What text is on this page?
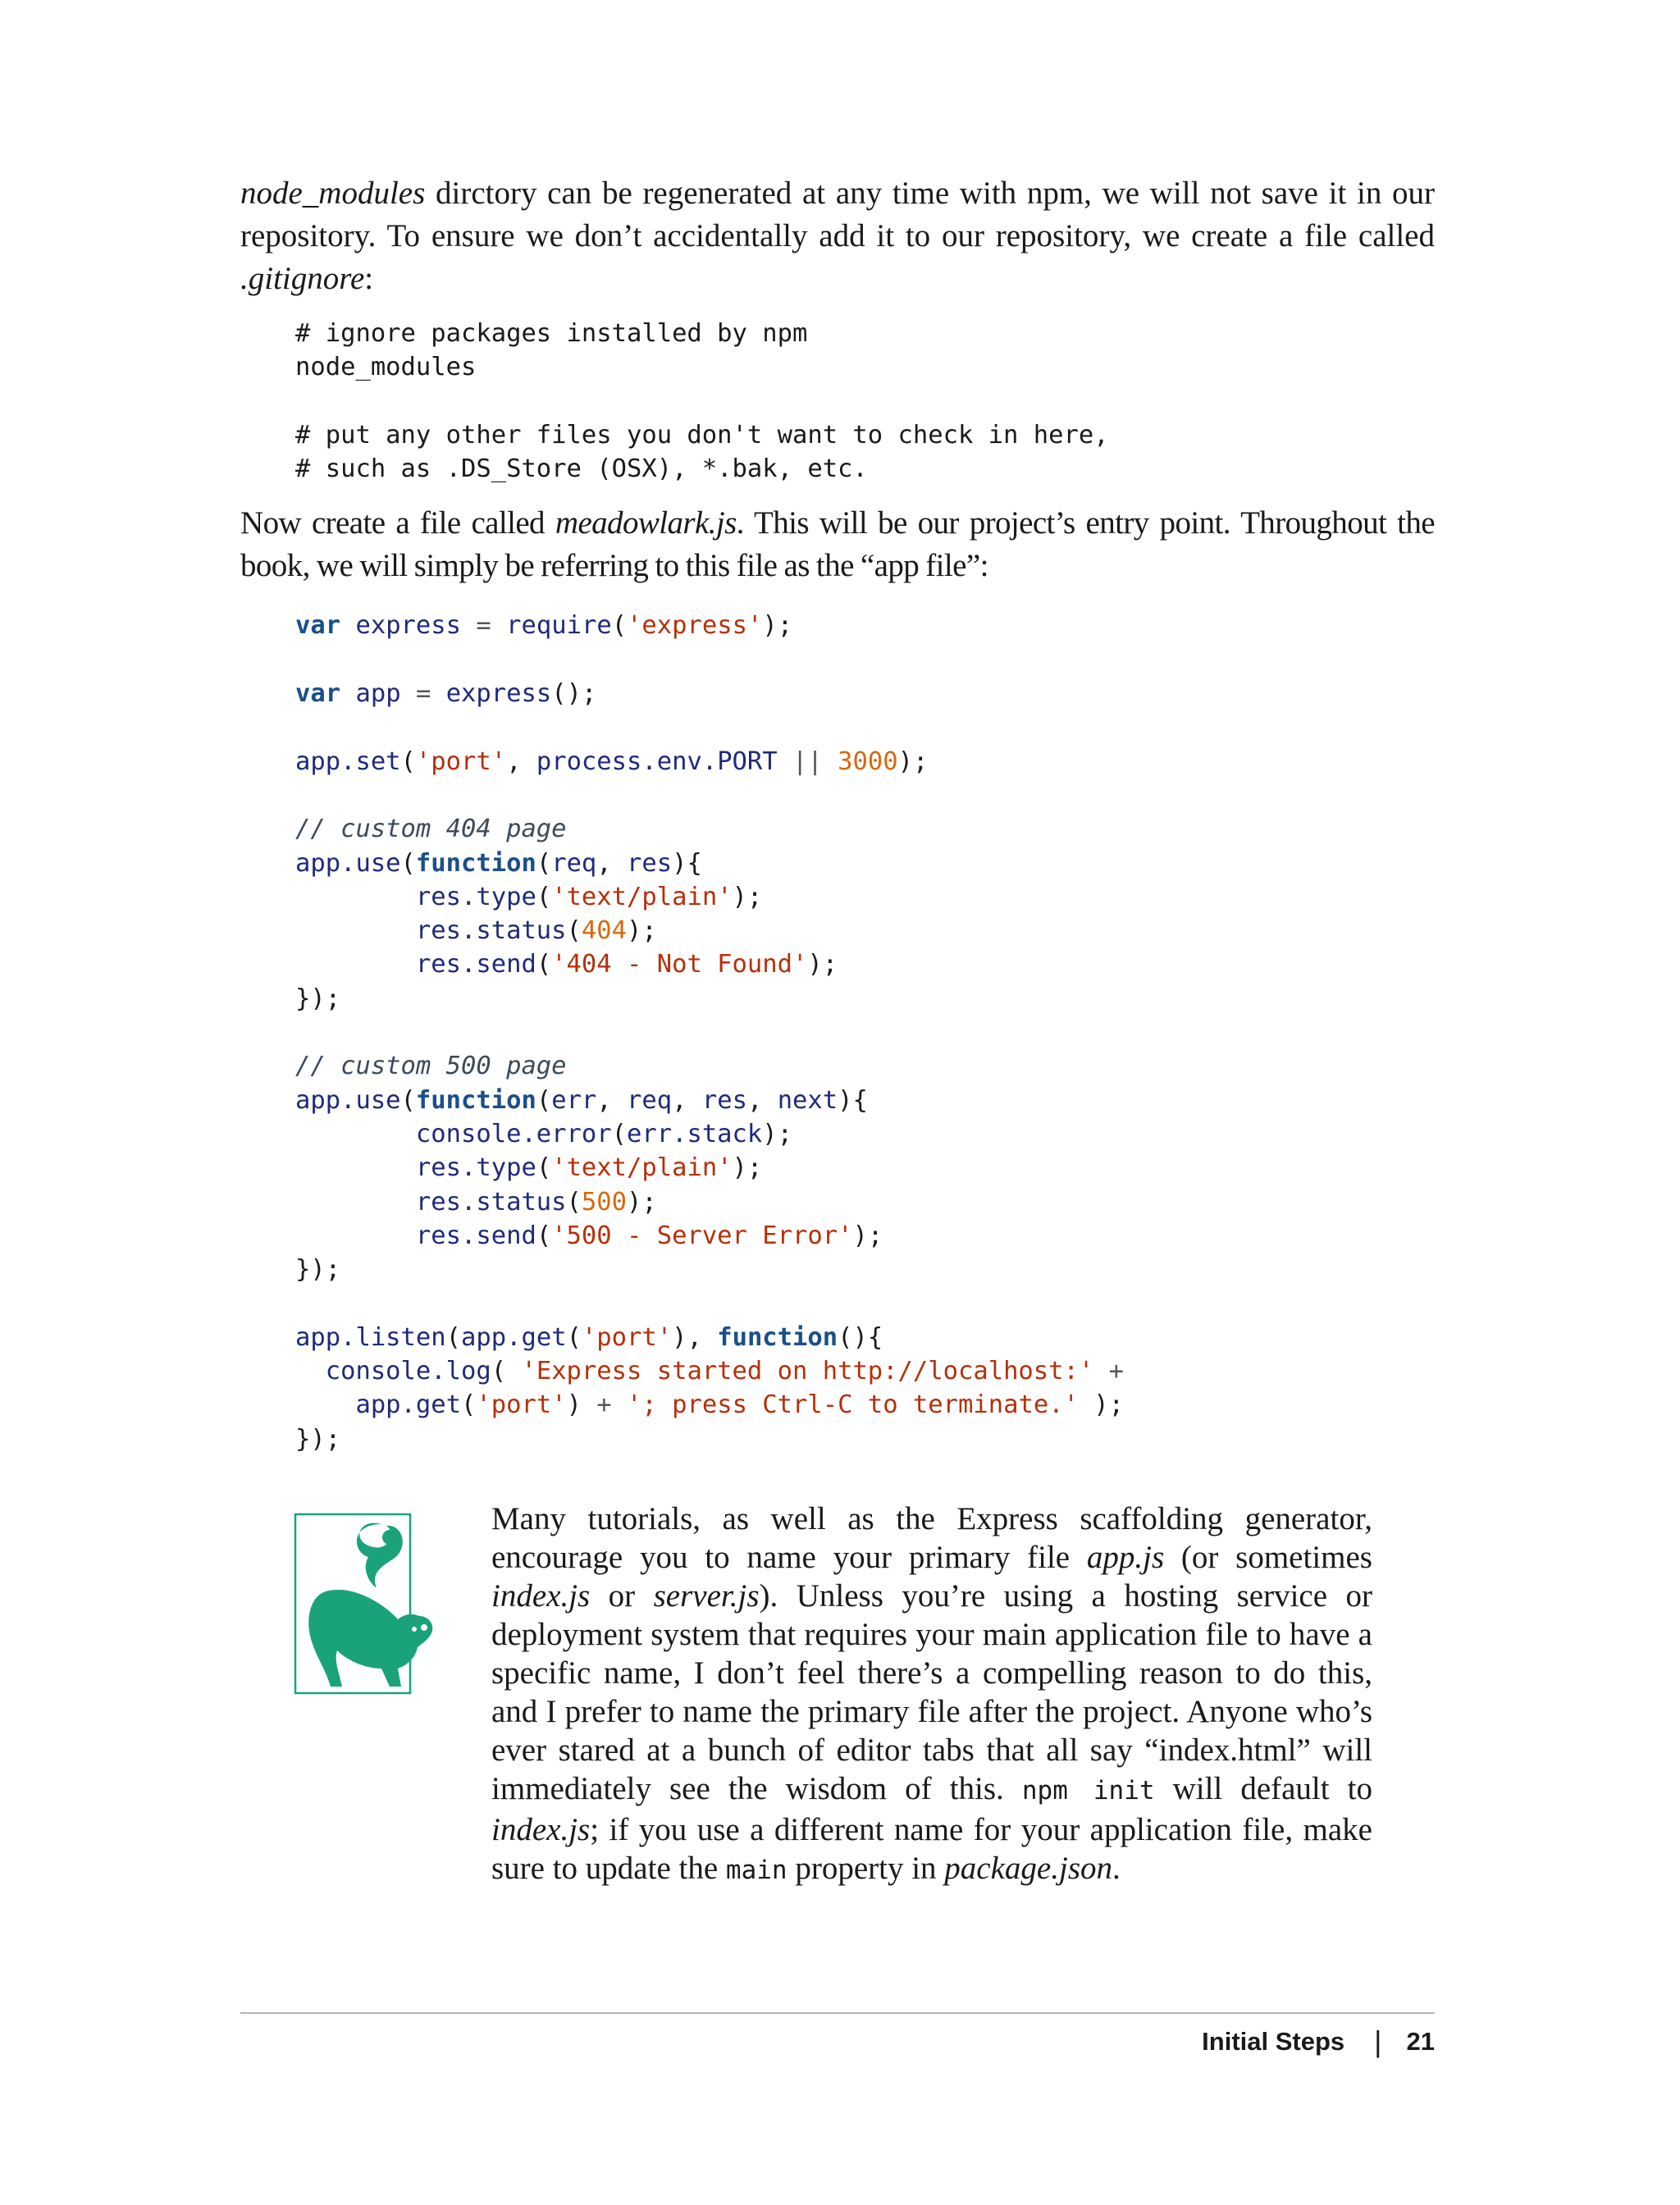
node_modules dirctory can be regenerated at any time with npm, we will not save it in our repository. To ensure we don’t accidentally add it to our repository, we create a file called .gitignore:

# ignore packages installed by npm
node_modules

# put any other files you don't want to check in here,
# such as .DS_Store (OSX), *.bak, etc.

Now create a file called meadowlark.js. This will be our project’s entry point. Throughout the book, we will simply be referring to this file as the “app file”:

var express = require('express');

var app = express();

app.set('port', process.env.PORT || 3000);

// custom 404 page
app.use(function(req, res){
res.type('text/plain');
res.status(404);
res.send('404 - Not Found');
});

// custom 500 page
app.use(function(err, req, res, next){
console.error(err.stack);
res.type('text/plain');
res.status(500);
res.send('500 - Server Error');
});

app.listen(app.get('port'), function(){
console.log( 'Express started on http://localhost:' +
app.get('port') + '; press Ctrl-C to terminate.' );
});

Many tutorials, as well as the Express scaffolding generator, encourage you to name your primary file app.js (or sometimes index.js or server.js). Unless you’re using a hosting service or deployment system that requires your main application file to have a specific name, I don’t feel there’s a compelling reason to do this, and I prefer to name the primary file after the project. Anyone who’s ever stared at a bunch of editor tabs that all say “index.html” will immediately see the wisdom of this. npm init will default to index.js; if you use a different name for your application file, make sure to update the main property in package.json.

Initial Steps | 21
